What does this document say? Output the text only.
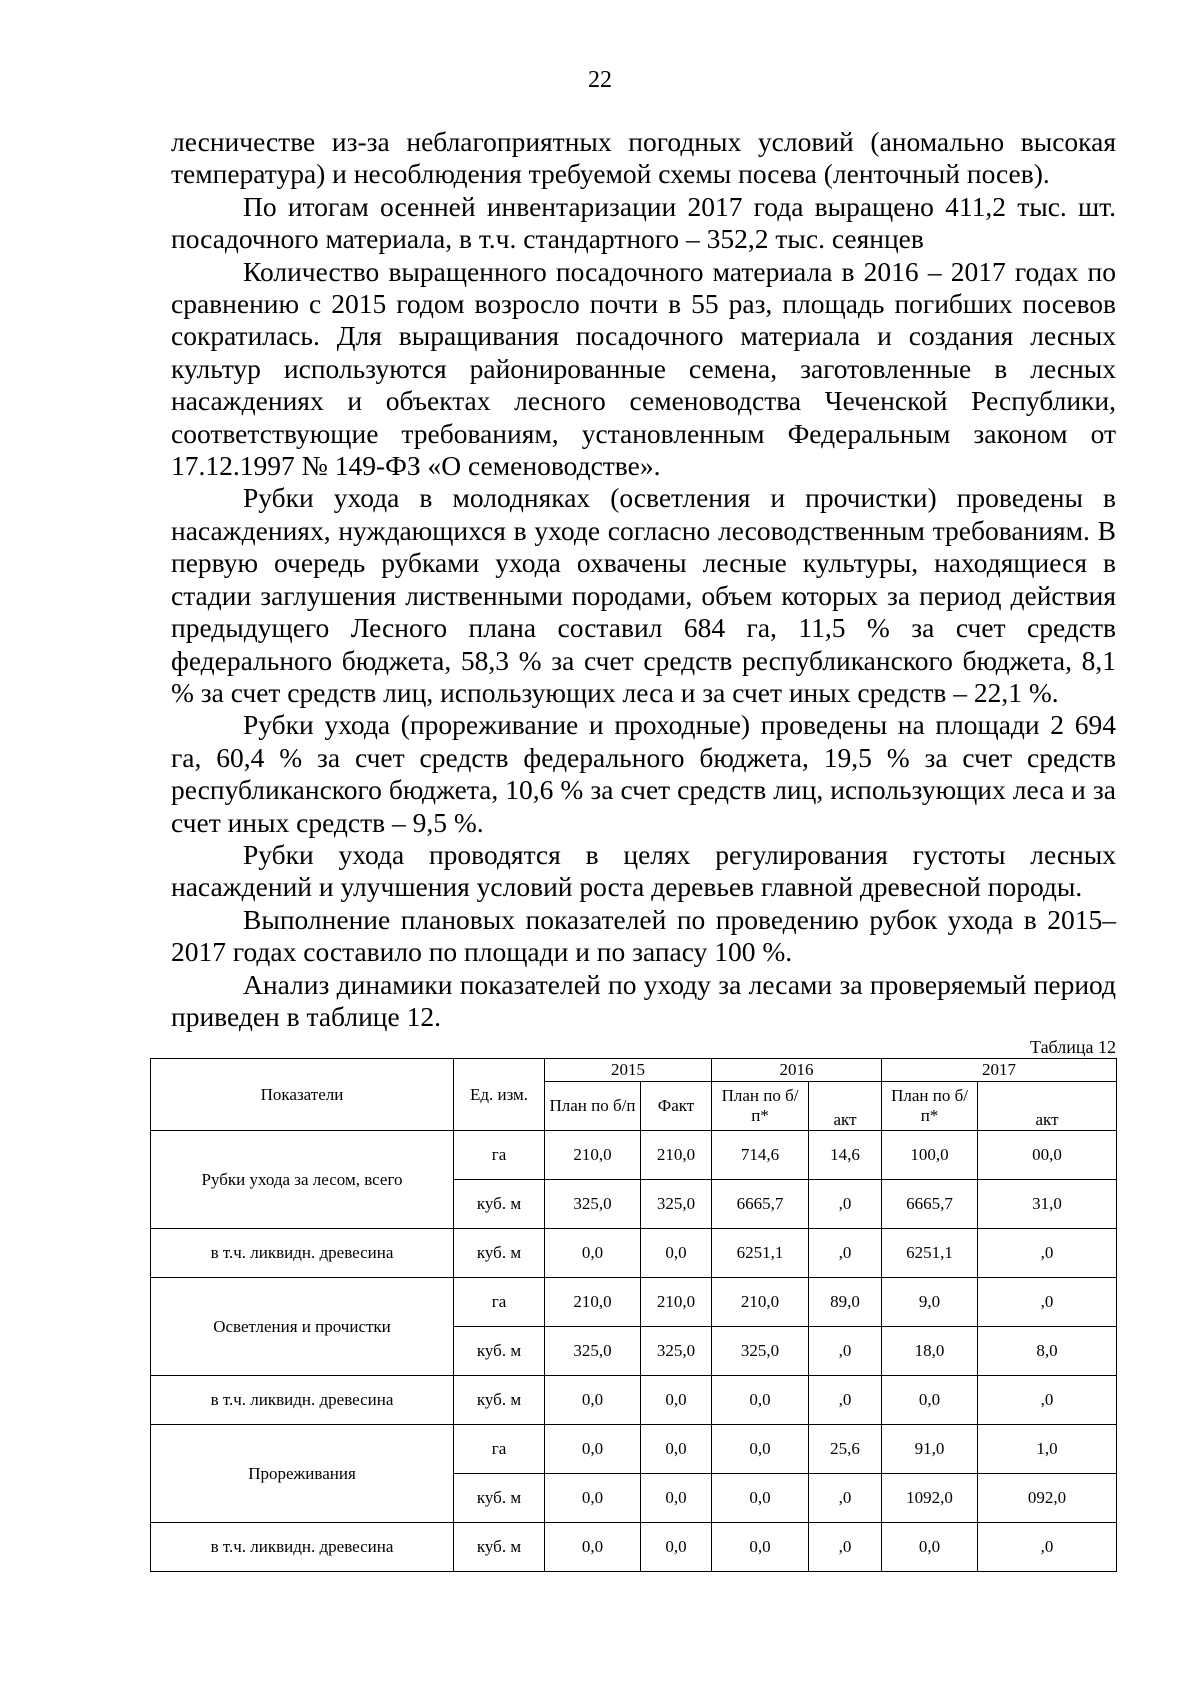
22

лесничестве из-за неблагоприятных погодных условий (аномально высокая температура) и несоблюдения требуемой схемы посева (ленточный посев).

По итогам осенней инвентаризации 2017 года выращено 411,2 тыс. шт. посадочного материала, в т.ч. стандартного – 352,2 тыс. сеянцев

Количество выращенного посадочного материала в 2016 – 2017 годах по сравнению с 2015 годом возросло почти в 55 раз, площадь погибших посевов сократилась. Для выращивания посадочного материала и создания лесных культур используются районированные семена, заготовленные в лесных насаждениях и объектах лесного семеноводства Чеченской Республики, соответствующие требованиям, установленным Федеральным законом от 17.12.1997 № 149-ФЗ «О семеноводстве».

Рубки ухода в молодняках (осветления и прочистки) проведены в насаждениях, нуждающихся в уходе согласно лесоводственным требованиям. В первую очередь рубками ухода охвачены лесные культуры, находящиеся в стадии заглушения лиственными породами, объем которых за период действия предыдущего Лесного плана составил 684 га, 11,5 % за счет средств федерального бюджета, 58,3 % за счет средств республиканского бюджета, 8,1 % за счет средств лиц, использующих леса и за счет иных средств – 22,1 %.

Рубки ухода (прореживание и проходные) проведены на площади 2 694 га, 60,4 % за счет средств федерального бюджета, 19,5 % за счет средств республиканского бюджета, 10,6 % за счет средств лиц, использующих леса и за счет иных средств – 9,5 %.

Рубки ухода проводятся в целях регулирования густоты лесных насаждений и улучшения условий роста деревьев главной древесной породы.

Выполнение плановых показателей по проведению рубок ухода в 2015–2017 годах составило по площади и по запасу 100 %.

Анализ динамики показателей по уходу за лесами за проверяемый период приведен в таблице 12.

Таблица 12
Показатели	Ед. изм.	2015		2016		2017	
		План по б/п	Факт	План по б/п*	акт	План по б/п*	акт
Рубки ухода за лесом, всего	га	210,0	210,0	714,6	14,6	100,0	00,0
	куб. м	325,0	325,0	6665,7	,0	6665,7	31,0
в т.ч. ликвидн. древесина	куб. м	0,0	0,0	6251,1	,0	6251,1	,0
Осветления и прочистки	га	210,0	210,0	210,0	89,0	9,0	,0
	куб. м	325,0	325,0	325,0	,0	18,0	8,0
в т.ч. ликвидн. древесина	куб. м	0,0	0,0	0,0	,0	0,0	,0
Прореживания	га	0,0	0,0	0,0	25,6	91,0	1,0
	куб. м	0,0	0,0	0,0	,0	1092,0	092,0
в т.ч. ликвидн. древесина	куб. м	0,0	0,0	0,0	,0	0,0	,0
